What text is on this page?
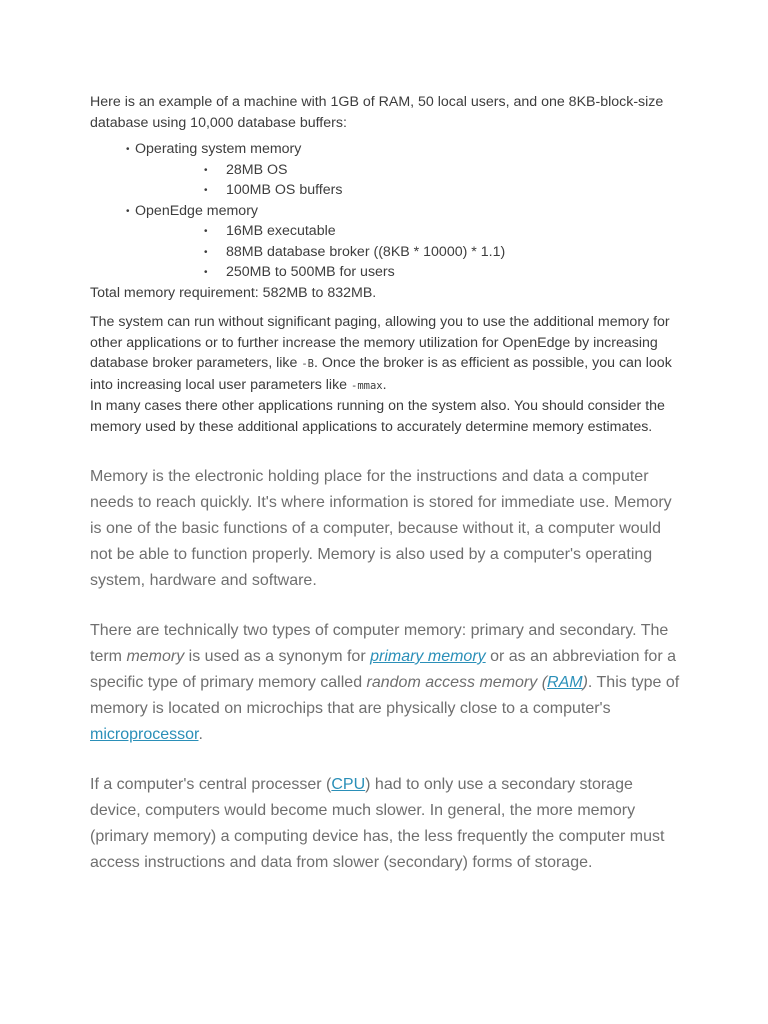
Here is an example of a machine with 1GB of RAM, 50 local users, and one 8KB-block-size database using 10,000 database buffers:

• Operating system memory
• 28MB OS
• 100MB OS buffers
• OpenEdge memory
• 16MB executable
• 88MB database broker ((8KB * 10000) * 1.1)
• 250MB to 500MB for users

Total memory requirement: 582MB to 832MB.

The system can run without significant paging, allowing you to use the additional memory for other applications or to further increase the memory utilization for OpenEdge by increasing database broker parameters, like -B. Once the broker is as efficient as possible, you can look into increasing local user parameters like -mmax.

In many cases there other applications running on the system also. You should consider the memory used by these additional applications to accurately determine memory estimates.

Memory is the electronic holding place for the instructions and data a computer needs to reach quickly. It's where information is stored for immediate use. Memory is one of the basic functions of a computer, because without it, a computer would not be able to function properly. Memory is also used by a computer's operating system, hardware and software.

There are technically two types of computer memory: primary and secondary. The term memory is used as a synonym for primary memory or as an abbreviation for a specific type of primary memory called random access memory (RAM). This type of memory is located on microchips that are physically close to a computer's microprocessor.

If a computer's central processer (CPU) had to only use a secondary storage device, computers would become much slower. In general, the more memory (primary memory) a computing device has, the less frequently the computer must access instructions and data from slower (secondary) forms of storage.
